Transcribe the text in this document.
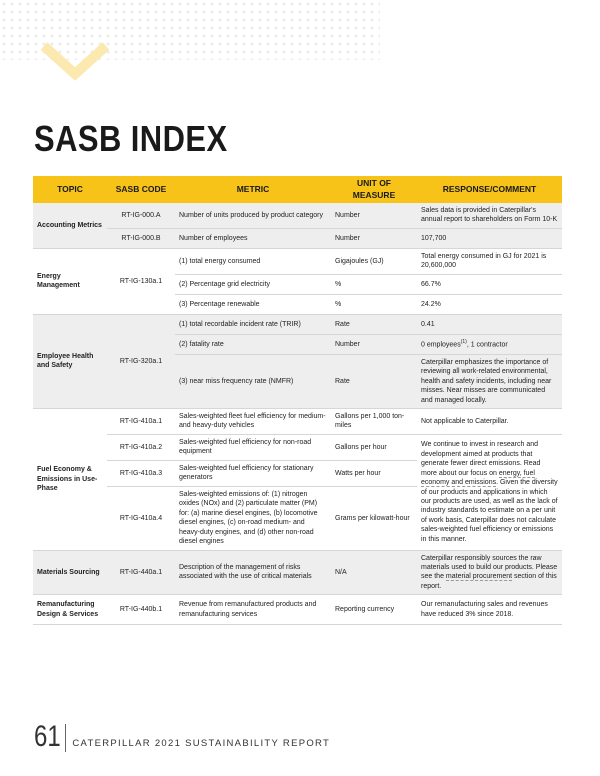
SASB INDEX
TOPIC	SASB CODE	METRIC	UNIT OF MEASURE	RESPONSE/COMMENT
Accounting Metrics	RT-IG-000.A	Number of units produced by product category	Number	Sales data is provided in Caterpillar's annual report to shareholders on Form 10-K
	RT-IG-000.B	Number of employees	Number	107,700
Energy Management	RT-IG-130a.1	(1) total energy consumed	Gigajoules (GJ)	Total energy consumed in GJ for 2021 is 20,600,000
		(2) Percentage grid electricity	%	66.7%
		(3) Percentage renewable	%	24.2%
Employee Health and Safety	RT-IG-320a.1	(1) total recordable incident rate (TRIR)	Rate	0.41
		(2) fatality rate	Number	0 employees$^{(1)}$, 1 contractor
		(3) near miss frequency rate (NMFR)	Rate	Caterpillar emphasizes the importance of reviewing all work-related environmental, health and safety incidents, including near misses. Near misses are communicated and managed locally.
Fuel Economy & Emissions in Use-Phase	RT-IG-410a.1	Sales-weighted fleet fuel efficiency for medium- and heavy-duty vehicles	Gallons per 1,000 ton-miles	Not applicable to Caterpillar.
	RT-IG-410a.2	Sales-weighted fuel efficiency for non-road equipment	Gallons per hour	We continue to invest in research and development aimed at products that generate fewer direct emissions. Read more about our focus on energy, fuel economy and emissions. Given the diversity of our products and applications in which our products are used, as well as the lack of industry standards to estimate on a per unit of work basis, Caterpillar does not calculate sales-weighted fuel efficiency or emissions in this manner.
	RT-IG-410a.3	Sales-weighted fuel efficiency for stationary generators	Watts per hour	
	RT-IG-410a.4	Sales-weighted emissions of: (1) nitrogen oxides (NOx) and (2) particulate matter (PM) for: (a) marine diesel engines, (b) locomotive diesel engines, (c) on-road medium- and heavy-duty engines, and (d) other non-road diesel engines	Grams per kilowatt-hour	
Materials Sourcing	RT-IG-440a.1	Description of the management of risks associated with the use of critical materials	N/A	Caterpillar responsibly sources the raw materials used to build our products. Please see the material procurement section of this report.
Remanufacturing Design & Services	RT-IG-440b.1	Revenue from remanufactured products and remanufacturing services	Reporting currency	Our remanufacturing sales and revenues have reduced 3% since 2018.
61 CATERPILLAR 2021 SUSTAINABILITY REPORT
